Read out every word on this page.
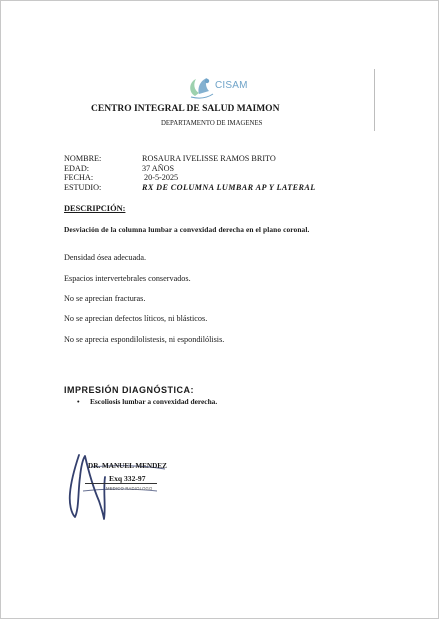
CISAM
CENTRO INTEGRAL DE SALUD MAIMON
DEPARTAMENTO DE IMAGENES
NOMBRE:	ROSAURA IVELISSE RAMOS BRITO
EDAD:	37 AÑOS
FECHA:	20-5-2025
ESTUDIO:	RX DE COLUMNA LUMBAR AP Y LATERAL
DESCRIPCIÓN:
Desviación de la columna lumbar a convexidad derecha en el plano coronal.
Densidad ósea adecuada.
Espacios intervertebrales conservados.
No se aprecian fracturas.
No se aprecian defectos líticos, ni blásticos.
No se aprecia espondilolistesis, ni espondilólisis.
IMPRESIÓN DIAGNÓSTICA:
• Escoliosis lumbar a convexidad derecha.
DR. MANUEL MENDEZ
Exq 332-97
MEDICO RADIOLOGO
